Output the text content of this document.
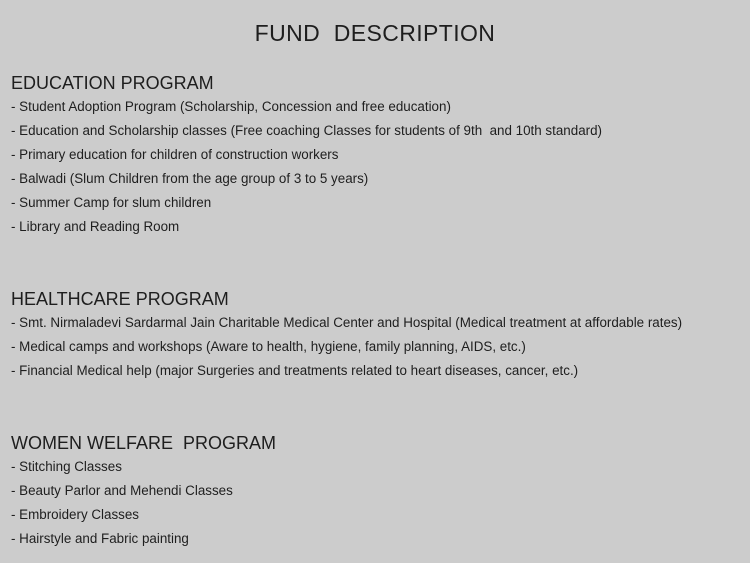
FUND  DESCRIPTION
EDUCATION PROGRAM
- Student Adoption Program (Scholarship, Concession and free education)
- Education and Scholarship classes (Free coaching Classes for students of 9th  and 10th standard)
- Primary education for children of construction workers
- Balwadi (Slum Children from the age group of 3 to 5 years)
- Summer Camp for slum children
- Library and Reading Room
HEALTHCARE PROGRAM
- Smt. Nirmaladevi Sardarmal Jain Charitable Medical Center and Hospital (Medical treatment at affordable rates)
- Medical camps and workshops (Aware to health, hygiene, family planning, AIDS, etc.)
- Financial Medical help (major Surgeries and treatments related to heart diseases, cancer, etc.)
WOMEN WELFARE  PROGRAM
- Stitching Classes
- Beauty Parlor and Mehendi Classes
- Embroidery Classes
- Hairstyle and Fabric painting
